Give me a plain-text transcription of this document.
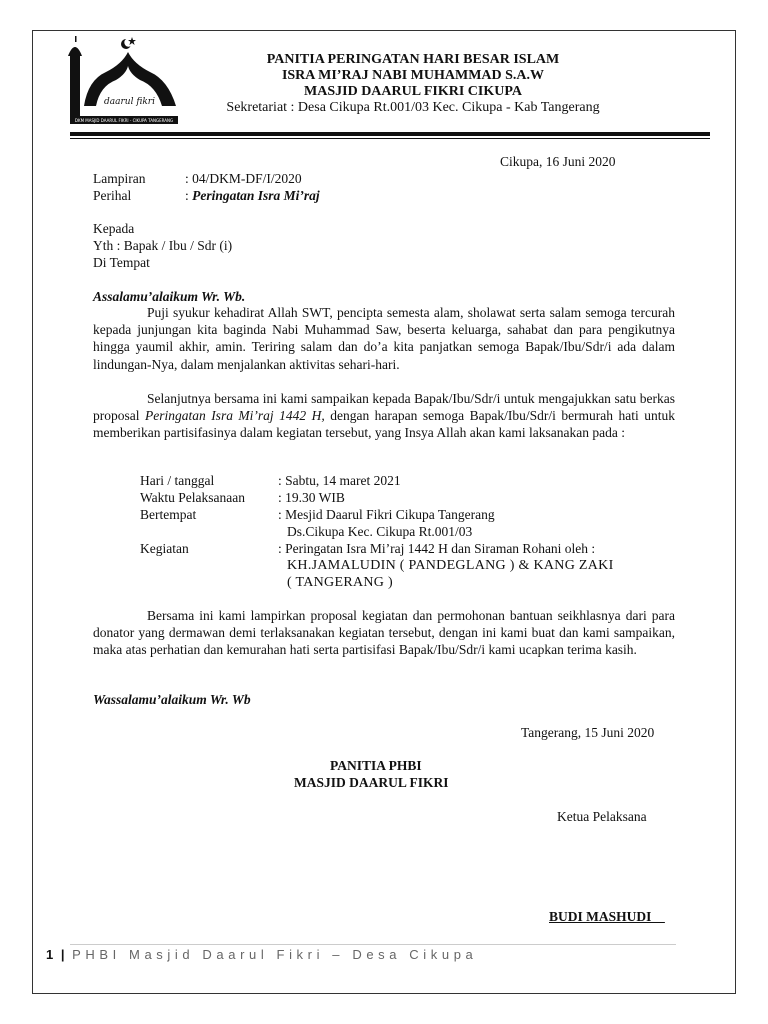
daarul fikri
DKM MASJID DAARUL FIKRI - CIKUPA TANGERANG
PANITIA PERINGATAN HARI BESAR ISLAM
ISRA MI’RAJ NABI MUHAMMAD S.A.W
MASJID DAARUL FIKRI CIKUPA
Sekretariat : Desa Cikupa Rt.001/03 Kec. Cikupa - Kab Tangerang
Cikupa, 16 Juni 2020
Lampiran	: 04/DKM-DF/I/2020
Perihal	: Peringatan Isra Mi’raj
Kepada
Yth : Bapak / Ibu / Sdr (i)
Di Tempat
Assalamu’alaikum Wr. Wb.

Puji syukur kehadirat Allah SWT, pencipta semesta alam, sholawat serta salam semoga tercurah kepada junjungan kita baginda Nabi Muhammad Saw, beserta keluarga, sahabat dan para pengikutnya hingga yaumil akhir, amin. Teriring salam dan do’a kita panjatkan semoga Bapak/Ibu/Sdr/i ada dalam lindungan-Nya, dalam menjalankan aktivitas sehari-hari.

Selanjutnya bersama ini kami sampaikan kepada Bapak/Ibu/Sdr/i untuk mengajukkan satu berkas proposal Peringatan Isra Mi’raj 1442 H, dengan harapan semoga Bapak/Ibu/Sdr/i bermurah hati untuk memberikan partisifasinya dalam kegiatan tersebut, yang Insya Allah akan kami laksanakan pada :

Hari / tanggal	: Sabtu, 14 maret 2021
Waktu Pelaksanaan : 19.30 WIB
Bertempat	: Mesjid Daarul Fikri Cikupa Tangerang
Ds.Cikupa Kec. Cikupa Rt.001/03
Kegiatan	: Peringatan Isra Mi’raj 1442 H dan Siraman Rohani oleh :
KH.JAMALUDIN ( PANDEGLANG ) & KANG ZAKI
( TANGERANG )

Bersama ini kami lampirkan proposal kegiatan dan permohonan bantuan seikhlasnya dari para donator yang dermawan demi terlaksanakan kegiatan tersebut, dengan ini kami buat dan kami sampaikan, maka atas perhatian dan kemurahan hati serta partisifasi Bapak/Ibu/Sdr/i kami ucapkan terima kasih.

Wassalamu’alaikum Wr. Wb
Tangerang, 15 Juni 2020
PANITIA PHBI
MASJID DAARUL FIKRI
Ketua Pelaksana
BUDI MASHUDI
1 | PHBI Masjid Daarul Fikri – Desa Cikupa
